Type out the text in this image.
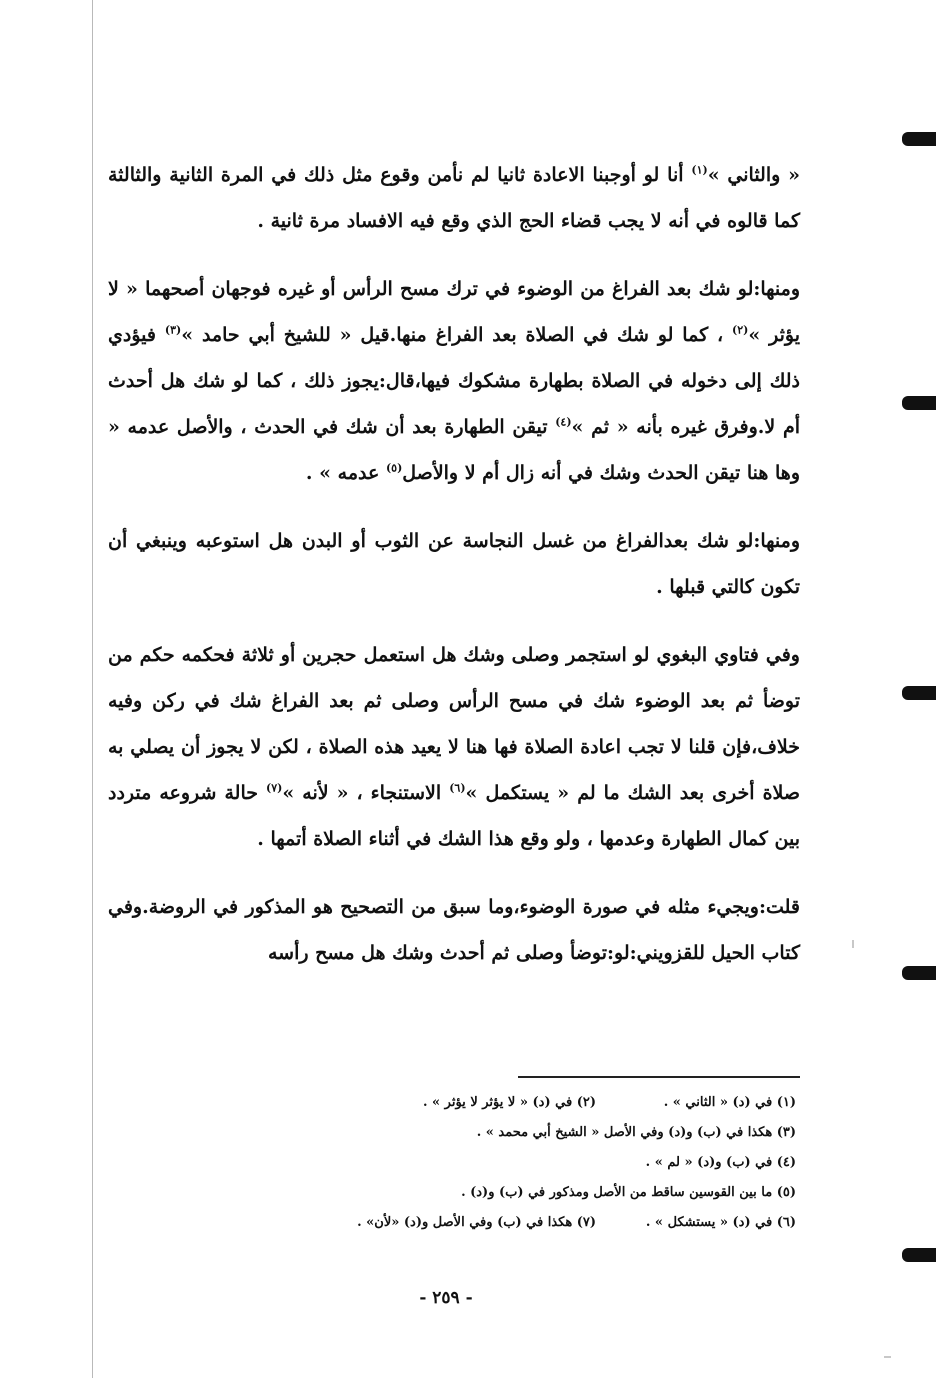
« والثاني »$^{(١)}$ أنا لو أوجبنا الاعادة ثانيا لم نأمن وقوع مثل ذلك في المرة الثانية والثالثة كما قالوه في أنه لا يجب قضاء الحج الذي وقع فيه الافساد مرة ثانية .

ومنها:لو شك بعد الفراغ من الوضوء في ترك مسح الرأس أو غيره فوجهان أصحهما « لا يؤثر »$^{(٢)}$ ، كما لو شك في الصلاة بعد الفراغ منها.قيل « للشيخ أبي حامد »$^{(٣)}$ فيؤدي ذلك إلى دخوله في الصلاة بطهارة مشكوك فيها،قال:يجوز ذلك ، كما لو شك هل أحدث أم لا.وفرق غيره بأنه « ثم »$^{(٤)}$ تيقن الطهارة بعد أن شك في الحدث ، والأصل عدمه « وها هنا تيقن الحدث وشك في أنه زال أم لا والأصل$^{(٥)}$ عدمه » .

ومنها:لو شك بعدالفراغ من غسل النجاسة عن الثوب أو البدن هل استوعبه وينبغي أن تكون كالتي قبلها .

وفي فتاوي البغوي لو استجمر وصلى وشك هل استعمل حجرين أو ثلاثة فحكمه حكم من توضأ ثم بعد الوضوء شك في مسح الرأس وصلى ثم بعد الفراغ شك في ركن وفيه خلاف،فإن قلنا لا تجب اعادة الصلاة فها هنا لا يعيد هذه الصلاة ، لكن لا يجوز أن يصلي به صلاة أخرى بعد الشك ما لم « يستكمل »$^{(٦)}$ الاستنجاء ، « لأنه »$^{(٧)}$ حالة شروعه متردد بين كمال الطهارة وعدمها ، ولو وقع هذا الشك في أثناء الصلاة أتمها .

قلت:ويجيء مثله في صورة الوضوء،وما سبق من التصحيح هو المذكور في الروضة.وفي كتاب الحيل للقزويني:لو:توضأ وصلى ثم أحدث وشك هل مسح رأسه

(١) في (د) « الثاني » .
(٢) في (د) « لا يؤثر لا يؤثر » .
(٣) هكذا في (ب) و(د) وفي الأصل « الشيخ أبي محمد » .
(٤) في (ب) و(د) « لم » .
(٥) ما بين القوسين ساقط من الأصل ومذكور في (ب) و(د) .
(٦) في (د) « يستشكل » .
(٧) هكذا في (ب) وفي الأصل و(د) «لأن» .
- ٢٥٩ -
